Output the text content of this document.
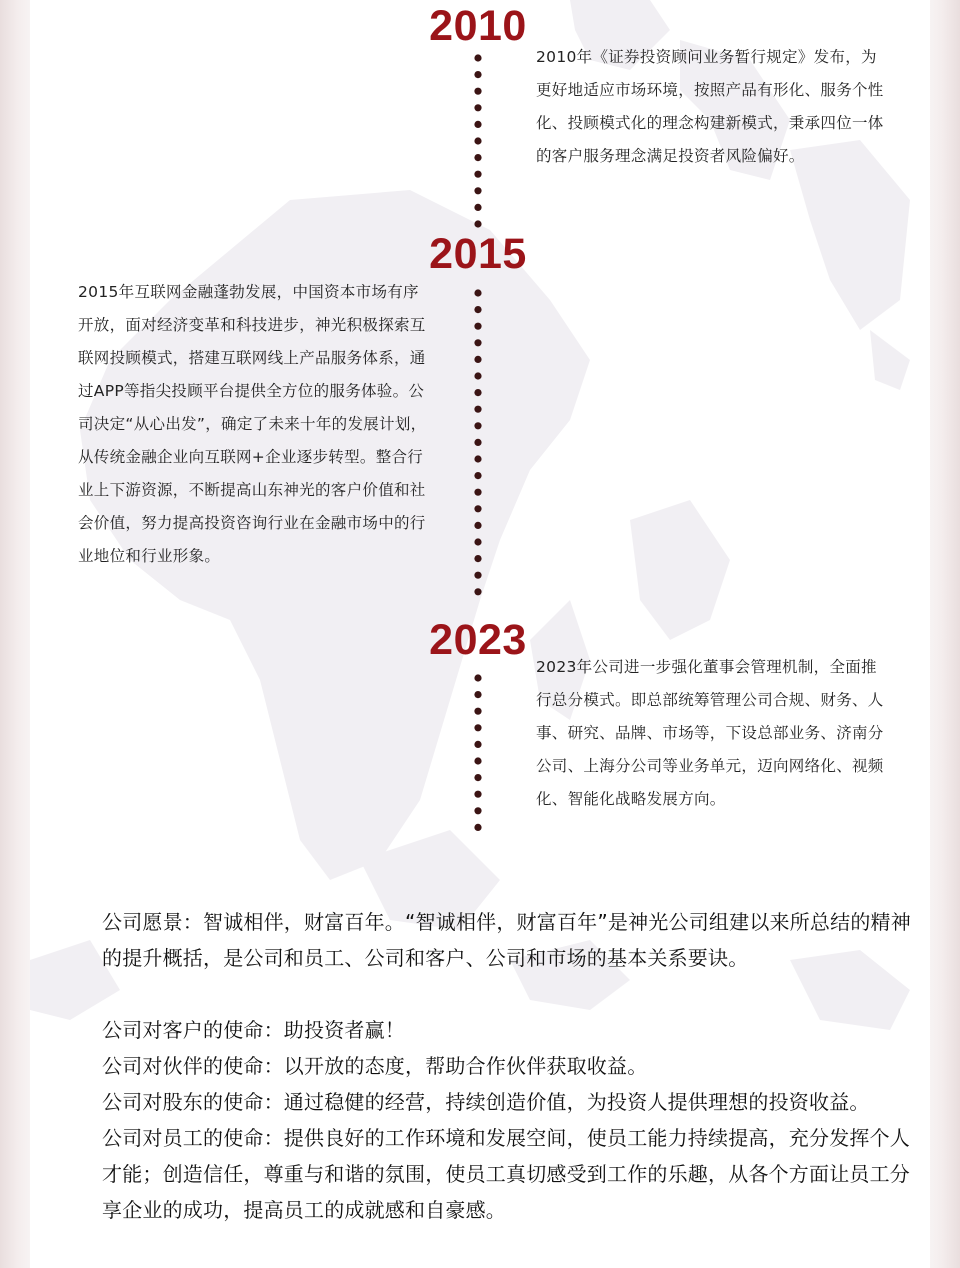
2010
2010年《证券投资顾问业务暂行规定》发布，为更好地适应市场环境，按照产品有形化、服务个性化、投顾模式化的理念构建新模式，秉承四位一体的客户服务理念满足投资者风险偏好。
2015
2015年互联网金融蓬勃发展，中国资本市场有序开放，面对经济变革和科技进步，神光积极探索互联网投顾模式，搭建互联网线上产品服务体系，通过APP等指尖投顾平台提供全方位的服务体验。公司决定“从心出发”，确定了未来十年的发展计划，从传统金融企业向互联网+企业逐步转型。整合行业上下游资源，不断提高山东神光的客户价值和社会价值，努力提高投资咨询行业在金融市场中的行业地位和行业形象。
2023
2023年公司进一步强化董事会管理机制，全面推行总分模式。即总部统筹管理公司合规、财务、人事、研究、品牌、市场等，下设总部业务、济南分公司、上海分公司等业务单元，迈向网络化、视频化、智能化战略发展方向。

公司愿景：智诚相伴，财富百年。“智诚相伴，财富百年”是神光公司组建以来所总结的精神的提升概括，是公司和员工、公司和客户、公司和市场的基本关系要诀。

公司对客户的使命：助投资者赢！

公司对伙伴的使命：以开放的态度，帮助合作伙伴获取收益。

公司对股东的使命：通过稳健的经营，持续创造价值，为投资人提供理想的投资收益。

公司对员工的使命：提供良好的工作环境和发展空间，使员工能力持续提高，充分发挥个人才能；创造信任，尊重与和谐的氛围，使员工真切感受到工作的乐趣，从各个方面让员工分享企业的成功，提高员工的成就感和自豪感。
